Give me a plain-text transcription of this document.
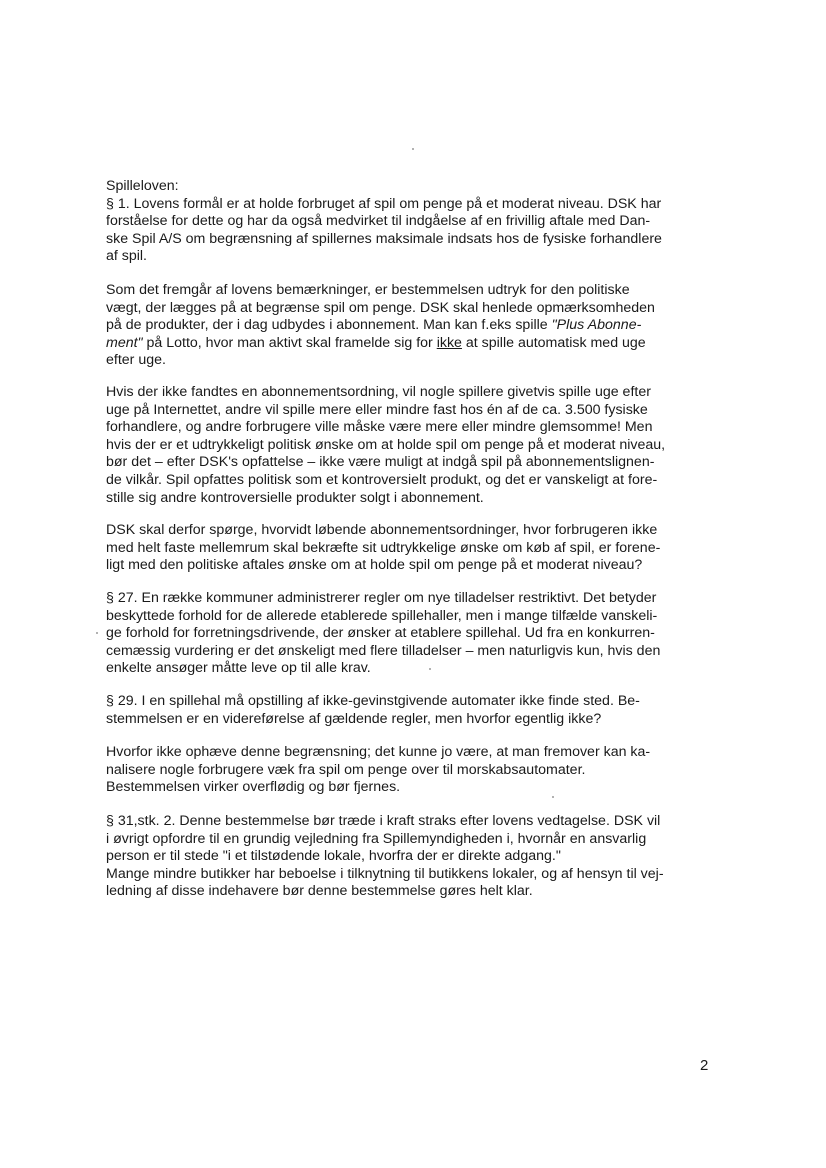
Spilleloven:
§ 1. Lovens formål er at holde forbruget af spil om penge på et moderat niveau. DSK har
forståelse for dette og har da også medvirket til indgåelse af en frivillig aftale med Dan-
ske Spil A/S om begrænsning af spillernes maksimale indsats hos de fysiske forhandlere
af spil.
Som det fremgår af lovens bemærkninger, er bestemmelsen udtryk for den politiske
vægt, der lægges på at begrænse spil om penge. DSK skal henlede opmærksomheden
på de produkter, der i dag udbydes i abonnement. Man kan f.eks spille "Plus Abonne-
ment" på Lotto, hvor man aktivt skal framelde sig for ikke at spille automatisk med uge
efter uge.
Hvis der ikke fandtes en abonnementsordning, vil nogle spillere givetvis spille uge efter
uge på Internettet, andre vil spille mere eller mindre fast hos én af de ca. 3.500 fysiske
forhandlere, og andre forbrugere ville måske være mere eller mindre glemsomme! Men
hvis der er et udtrykkeligt politisk ønske om at holde spil om penge på et moderat niveau,
bør det – efter DSK's opfattelse – ikke være muligt at indgå spil på abonnementslignen-
de vilkår. Spil opfattes politisk som et kontroversielt produkt, og det er vanskeligt at fore-
stille sig andre kontroversielle produkter solgt i abonnement.
DSK skal derfor spørge, hvorvidt løbende abonnementsordninger, hvor forbrugeren ikke
med helt faste mellemrum skal bekræfte sit udtrykkelige ønske om køb af spil, er forene-
ligt med den politiske aftales ønske om at holde spil om penge på et moderat niveau?
§ 27. En række kommuner administrerer regler om nye tilladelser restriktivt. Det betyder
beskyttede forhold for de allerede etablerede spillehaller, men i mange tilfælde vanskeli-
ge forhold for forretningsdrivende, der ønsker at etablere spillehal. Ud fra en konkurren-
cemæssig vurdering er det ønskeligt med flere tilladelser – men naturligvis kun, hvis den
enkelte ansøger måtte leve op til alle krav.
§ 29. I en spillehal må opstilling af ikke-gevinstgivende automater ikke finde sted. Be-
stemmelsen er en videreførelse af gældende regler, men hvorfor egentlig ikke?
Hvorfor ikke ophæve denne begrænsning; det kunne jo være, at man fremover kan ka-
nalisere nogle forbrugere væk fra spil om penge over til morskabsautomater.
Bestemmelsen virker overflødig og bør fjernes.
§ 31,stk. 2. Denne bestemmelse bør træde i kraft straks efter lovens vedtagelse. DSK vil
i øvrigt opfordre til en grundig vejledning fra Spillemyndigheden i, hvornår en ansvarlig
person er til stede "i et tilstødende lokale, hvorfra der er direkte adgang."
Mange mindre butikker har beboelse i tilknytning til butikkens lokaler, og af hensyn til vej-
ledning af disse indehavere bør denne bestemmelse gøres helt klar.
2
